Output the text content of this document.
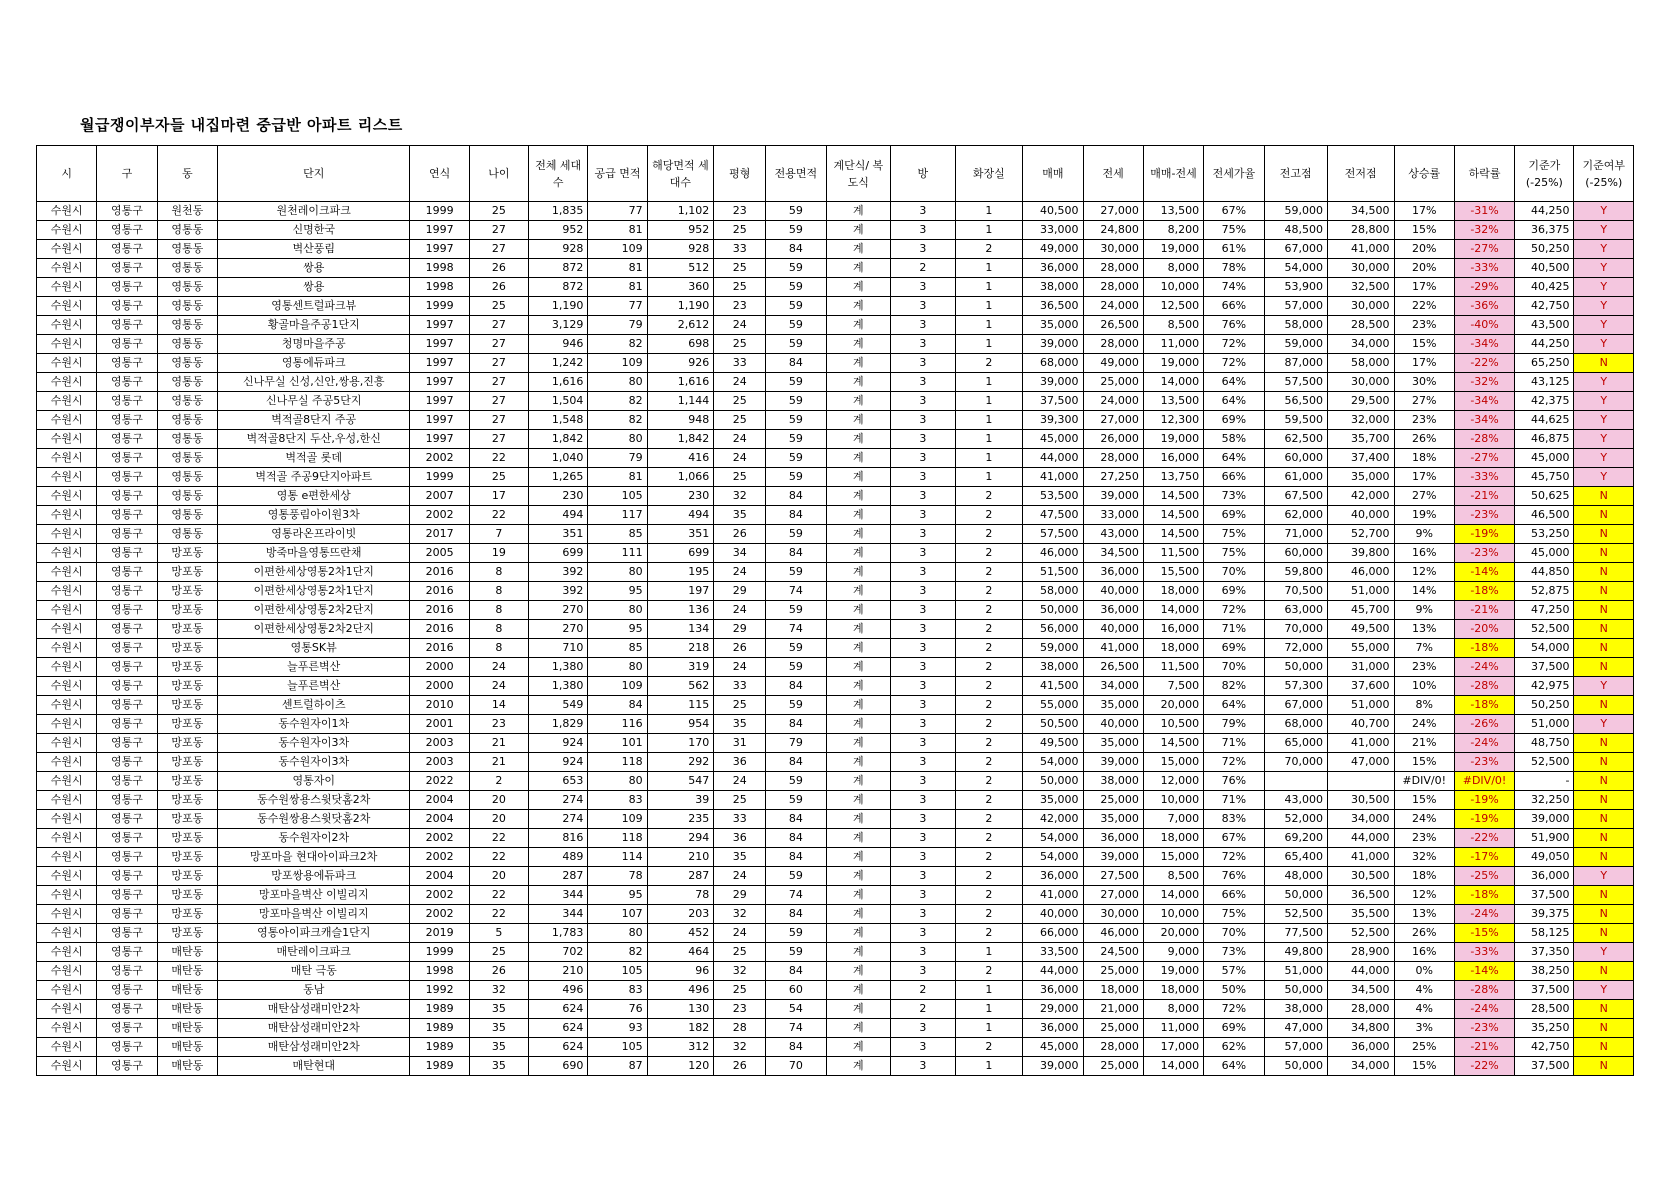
월급쟁이부자들 내집마련 중급반 아파트 리스트
시	구	동	단지	연식	나이	전체 세대수	공급 면적	해당면적 세대수	평형	전용면적	계단식/ 복도식	방	화장실	매매	전세	매매-전세	전세가율	전고점	전저점	상승률	하락률	기준가 (-25%)	기준여부 (-25%)
수원시	영통구	원천동	원천레이크파크	1999	25	1,835	77	1,102	23	59	계	3	1	40,500	27,000	13,500	67%	59,000	34,500	17%	-31%	44,250	Y
수원시	영통구	영통동	신명한국	1997	27	952	81	952	25	59	계	3	1	33,000	24,800	8,200	75%	48,500	28,800	15%	-32%	36,375	Y
수원시	영통구	영통동	벽산풍림	1997	27	928	109	928	33	84	계	3	2	49,000	30,000	19,000	61%	67,000	41,000	20%	-27%	50,250	Y
수원시	영통구	영통동	쌍용	1998	26	872	81	512	25	59	계	2	1	36,000	28,000	8,000	78%	54,000	30,000	20%	-33%	40,500	Y
수원시	영통구	영통동	쌍용	1998	26	872	81	360	25	59	계	3	1	38,000	28,000	10,000	74%	53,900	32,500	17%	-29%	40,425	Y
수원시	영통구	영통동	영통센트럴파크뷰	1999	25	1,190	77	1,190	23	59	계	3	1	36,500	24,000	12,500	66%	57,000	30,000	22%	-36%	42,750	Y
수원시	영통구	영통동	황골마을주공1단지	1997	27	3,129	79	2,612	24	59	계	3	1	35,000	26,500	8,500	76%	58,000	28,500	23%	-40%	43,500	Y
수원시	영통구	영통동	청명마을주공	1997	27	946	82	698	25	59	계	3	1	39,000	28,000	11,000	72%	59,000	34,000	15%	-34%	44,250	Y
수원시	영통구	영통동	영통에듀파크	1997	27	1,242	109	926	33	84	계	3	2	68,000	49,000	19,000	72%	87,000	58,000	17%	-22%	65,250	N
수원시	영통구	영통동	신나무실 신성,신안,쌍용,진흥	1997	27	1,616	80	1,616	24	59	계	3	1	39,000	25,000	14,000	64%	57,500	30,000	30%	-32%	43,125	Y
수원시	영통구	영통동	신나무실 주공5단지	1997	27	1,504	82	1,144	25	59	계	3	1	37,500	24,000	13,500	64%	56,500	29,500	27%	-34%	42,375	Y
수원시	영통구	영통동	벽적골8단지 주공	1997	27	1,548	82	948	25	59	계	3	1	39,300	27,000	12,300	69%	59,500	32,000	23%	-34%	44,625	Y
수원시	영통구	영통동	벽적골8단지 두산,우성,한신	1997	27	1,842	80	1,842	24	59	계	3	1	45,000	26,000	19,000	58%	62,500	35,700	26%	-28%	46,875	Y
수원시	영통구	영통동	벽적골 롯데	2002	22	1,040	79	416	24	59	계	3	1	44,000	28,000	16,000	64%	60,000	37,400	18%	-27%	45,000	Y
수원시	영통구	영통동	벽적골 주공9단지아파트	1999	25	1,265	81	1,066	25	59	계	3	1	41,000	27,250	13,750	66%	61,000	35,000	17%	-33%	45,750	Y
수원시	영통구	영통동	영통 e편한세상	2007	17	230	105	230	32	84	계	3	2	53,500	39,000	14,500	73%	67,500	42,000	27%	-21%	50,625	N
수원시	영통구	영통동	영통풍림아이원3차	2002	22	494	117	494	35	84	계	3	2	47,500	33,000	14,500	69%	62,000	40,000	19%	-23%	46,500	N
수원시	영통구	영통동	영통라온프라이빗	2017	7	351	85	351	26	59	계	3	2	57,500	43,000	14,500	75%	71,000	52,700	9%	-19%	53,250	N
수원시	영통구	망포동	방죽마을영통뜨란채	2005	19	699	111	699	34	84	계	3	2	46,000	34,500	11,500	75%	60,000	39,800	16%	-23%	45,000	N
수원시	영통구	망포동	이편한세상영통2차1단지	2016	8	392	80	195	24	59	계	3	2	51,500	36,000	15,500	70%	59,800	46,000	12%	-14%	44,850	N
수원시	영통구	망포동	이편한세상영통2차1단지	2016	8	392	95	197	29	74	계	3	2	58,000	40,000	18,000	69%	70,500	51,000	14%	-18%	52,875	N
수원시	영통구	망포동	이편한세상영통2차2단지	2016	8	270	80	136	24	59	계	3	2	50,000	36,000	14,000	72%	63,000	45,700	9%	-21%	47,250	N
수원시	영통구	망포동	이편한세상영통2차2단지	2016	8	270	95	134	29	74	계	3	2	56,000	40,000	16,000	71%	70,000	49,500	13%	-20%	52,500	N
수원시	영통구	망포동	영통SK뷰	2016	8	710	85	218	26	59	계	3	2	59,000	41,000	18,000	69%	72,000	55,000	7%	-18%	54,000	N
수원시	영통구	망포동	늘푸른벽산	2000	24	1,380	80	319	24	59	계	3	2	38,000	26,500	11,500	70%	50,000	31,000	23%	-24%	37,500	N
수원시	영통구	망포동	늘푸른벽산	2000	24	1,380	109	562	33	84	계	3	2	41,500	34,000	7,500	82%	57,300	37,600	10%	-28%	42,975	Y
수원시	영통구	망포동	센트럴하이츠	2010	14	549	84	115	25	59	계	3	2	55,000	35,000	20,000	64%	67,000	51,000	8%	-18%	50,250	N
수원시	영통구	망포동	동수원자이1차	2001	23	1,829	116	954	35	84	계	3	2	50,500	40,000	10,500	79%	68,000	40,700	24%	-26%	51,000	Y
수원시	영통구	망포동	동수원자이3차	2003	21	924	101	170	31	79	계	3	2	49,500	35,000	14,500	71%	65,000	41,000	21%	-24%	48,750	N
수원시	영통구	망포동	동수원자이3차	2003	21	924	118	292	36	84	계	3	2	54,000	39,000	15,000	72%	70,000	47,000	15%	-23%	52,500	N
수원시	영통구	망포동	영통자이	2022	2	653	80	547	24	59	계	3	2	50,000	38,000	12,000	76%			#DIV/0!	#DIV/0!	-	N
수원시	영통구	망포동	동수원쌍용스윗닷홈2차	2004	20	274	83	39	25	59	계	3	2	35,000	25,000	10,000	71%	43,000	30,500	15%	-19%	32,250	N
수원시	영통구	망포동	동수원쌍용스윗닷홈2차	2004	20	274	109	235	33	84	계	3	2	42,000	35,000	7,000	83%	52,000	34,000	24%	-19%	39,000	N
수원시	영통구	망포동	동수원자이2차	2002	22	816	118	294	36	84	계	3	2	54,000	36,000	18,000	67%	69,200	44,000	23%	-22%	51,900	N
수원시	영통구	망포동	망포마을 현대아이파크2차	2002	22	489	114	210	35	84	계	3	2	54,000	39,000	15,000	72%	65,400	41,000	32%	-17%	49,050	N
수원시	영통구	망포동	망포쌍용에듀파크	2004	20	287	78	287	24	59	계	3	2	36,000	27,500	8,500	76%	48,000	30,500	18%	-25%	36,000	Y
수원시	영통구	망포동	망포마을벽산 이빌리지	2002	22	344	95	78	29	74	계	3	2	41,000	27,000	14,000	66%	50,000	36,500	12%	-18%	37,500	N
수원시	영통구	망포동	망포마을벽산 이빌리지	2002	22	344	107	203	32	84	계	3	2	40,000	30,000	10,000	75%	52,500	35,500	13%	-24%	39,375	N
수원시	영통구	망포동	영통아이파크캐슬1단지	2019	5	1,783	80	452	24	59	계	3	2	66,000	46,000	20,000	70%	77,500	52,500	26%	-15%	58,125	N
수원시	영통구	매탄동	매탄레이크파크	1999	25	702	82	464	25	59	계	3	1	33,500	24,500	9,000	73%	49,800	28,900	16%	-33%	37,350	Y
수원시	영통구	매탄동	매탄 극동	1998	26	210	105	96	32	84	계	3	2	44,000	25,000	19,000	57%	51,000	44,000	0%	-14%	38,250	N
수원시	영통구	매탄동	동남	1992	32	496	83	496	25	60	계	2	1	36,000	18,000	18,000	50%	50,000	34,500	4%	-28%	37,500	Y
수원시	영통구	매탄동	매탄삼성래미안2차	1989	35	624	76	130	23	54	계	2	1	29,000	21,000	8,000	72%	38,000	28,000	4%	-24%	28,500	N
수원시	영통구	매탄동	매탄삼성래미안2차	1989	35	624	93	182	28	74	계	3	1	36,000	25,000	11,000	69%	47,000	34,800	3%	-23%	35,250	N
수원시	영통구	매탄동	매탄삼성래미안2차	1989	35	624	105	312	32	84	계	3	2	45,000	28,000	17,000	62%	57,000	36,000	25%	-21%	42,750	N
수원시	영통구	매탄동	매탄현대	1989	35	690	87	120	26	70	계	3	1	39,000	25,000	14,000	64%	50,000	34,000	15%	-22%	37,500	N
